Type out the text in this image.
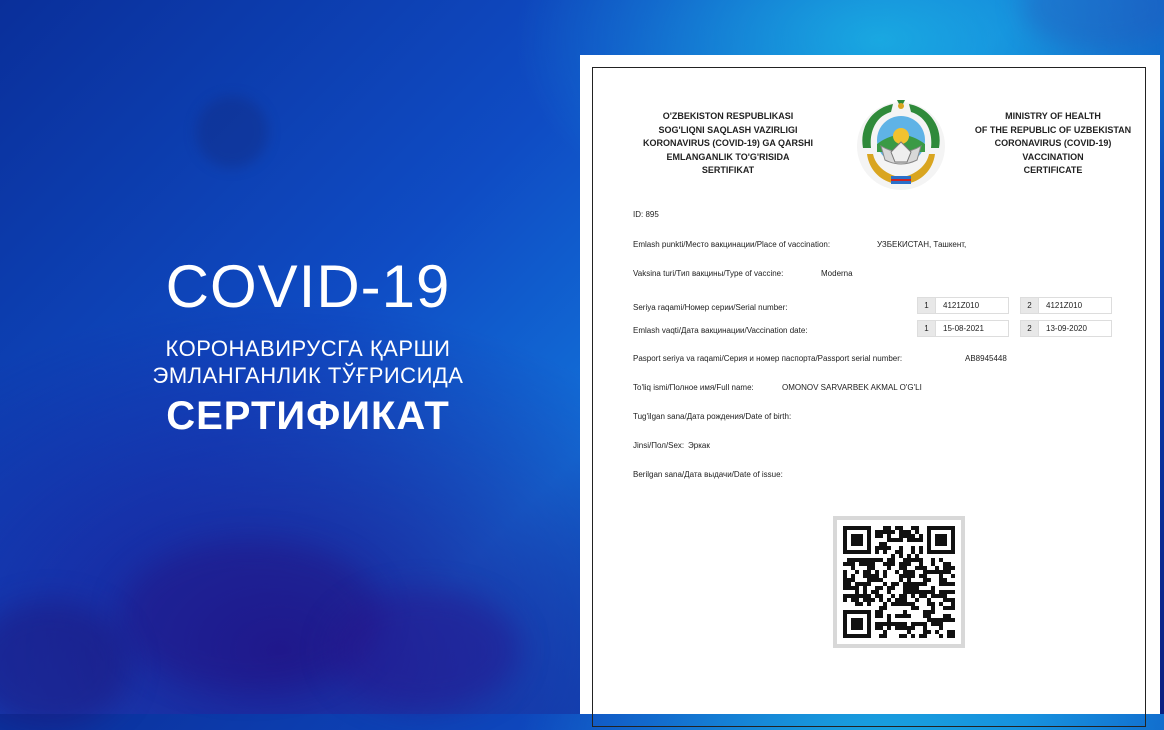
COVID-19
КОРОНАВИРУСГА ҚАРШИ
ЭМЛАНГАНЛИК ТЎҒРИСИДА
СЕРТИФИКАТ
O'ZBEKISTON RESPUBLIKASI
SOG'LIQNI SAQLASH VAZIRLIGI
KORONAVIRUS (COVID-19) GA QARSHI
EMLANGANLIK TO'G'RISIDA
SERTIFIKAT
MINISTRY OF HEALTH
OF THE REPUBLIC OF UZBEKISTAN
CORONAVIRUS (COVID-19)
VACCINATION
CERTIFICATE
ID: 895
Emlash punkti/Место вакцинации/Place of vaccination:	УЗБЕКИСТАН, Ташкент,
Vaksina turi/Тип вакцины/Type of vaccine:	Moderna
Seriya raqami/Номер серии/Serial number:	1	4121Z010	2	4121Z010
Emlash vaqti/Дата вакцинации/Vaccination date:	1	15-08-2021	2	13-09-2020
Pasport seriya va raqami/Серия и номер паспорта/Passport serial number:	AB8945448
To'liq ismi/Полное имя/Full name:	OMONOV SARVARBEK AKMAL O'G'LI
Tug'ilgan sana/Дата рождения/Date of birth:
Jinsi/Пол/Sex: Эркак
Berilgan sana/Дата выдачи/Date of issue:
